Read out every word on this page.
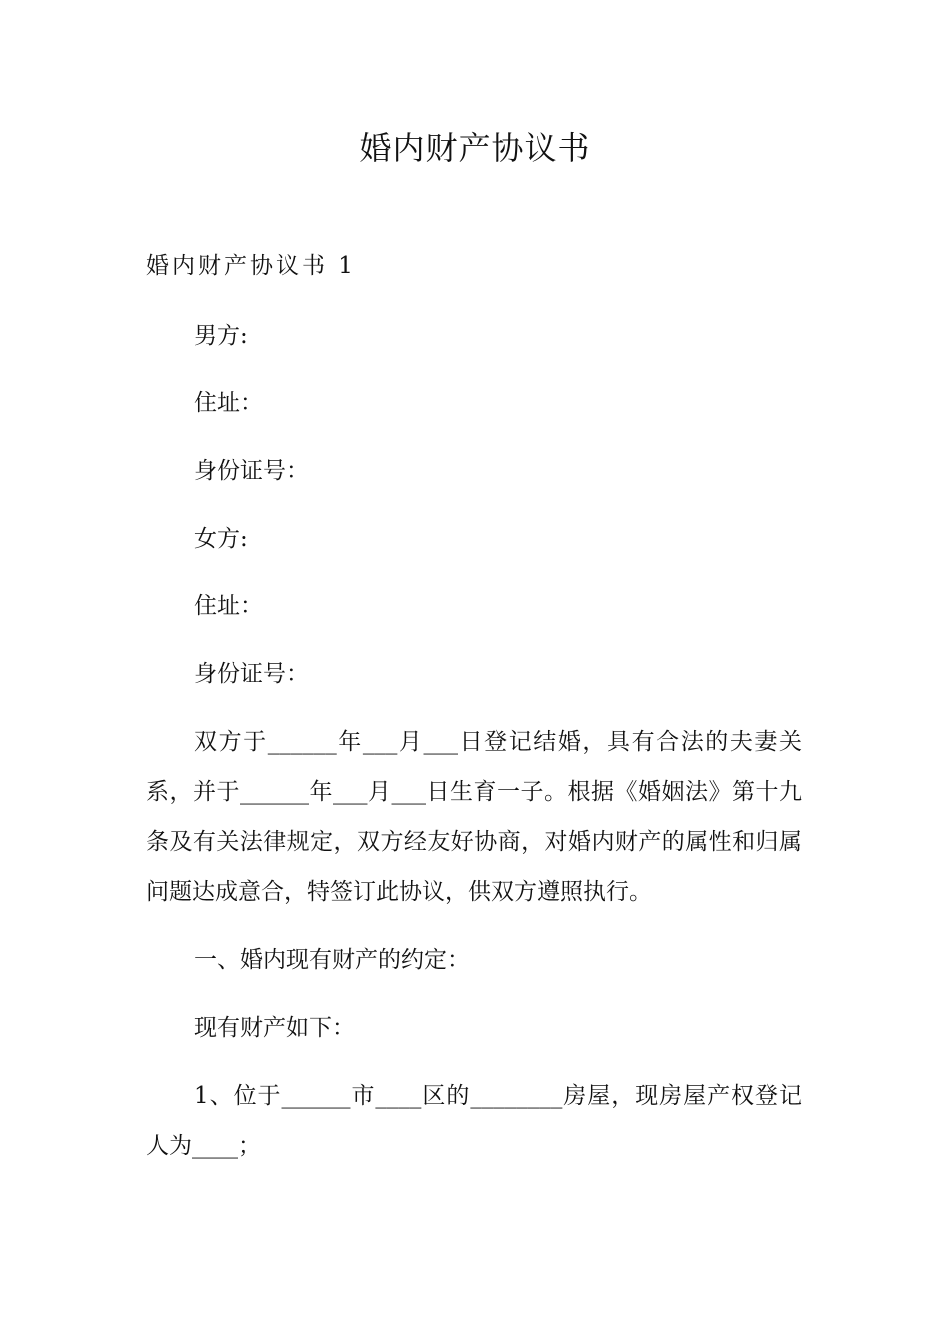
婚内财产协议书
婚内财产协议书 1
男方:
住址：
身份证号：
女方:
住址：
身份证号：
双方于______年___月___日登记结婚，具有合法的夫妻关
系，并于______年___月___日生育一子。根据《婚姻法》第十九
条及有关法律规定，双方经友好协商，对婚内财产的属性和归属
问题达成意合，特签订此协议，供双方遵照执行。
一、婚内现有财产的约定：
现有财产如下：
1、位于______市____区的________房屋，现房屋产权登记
人为____；
